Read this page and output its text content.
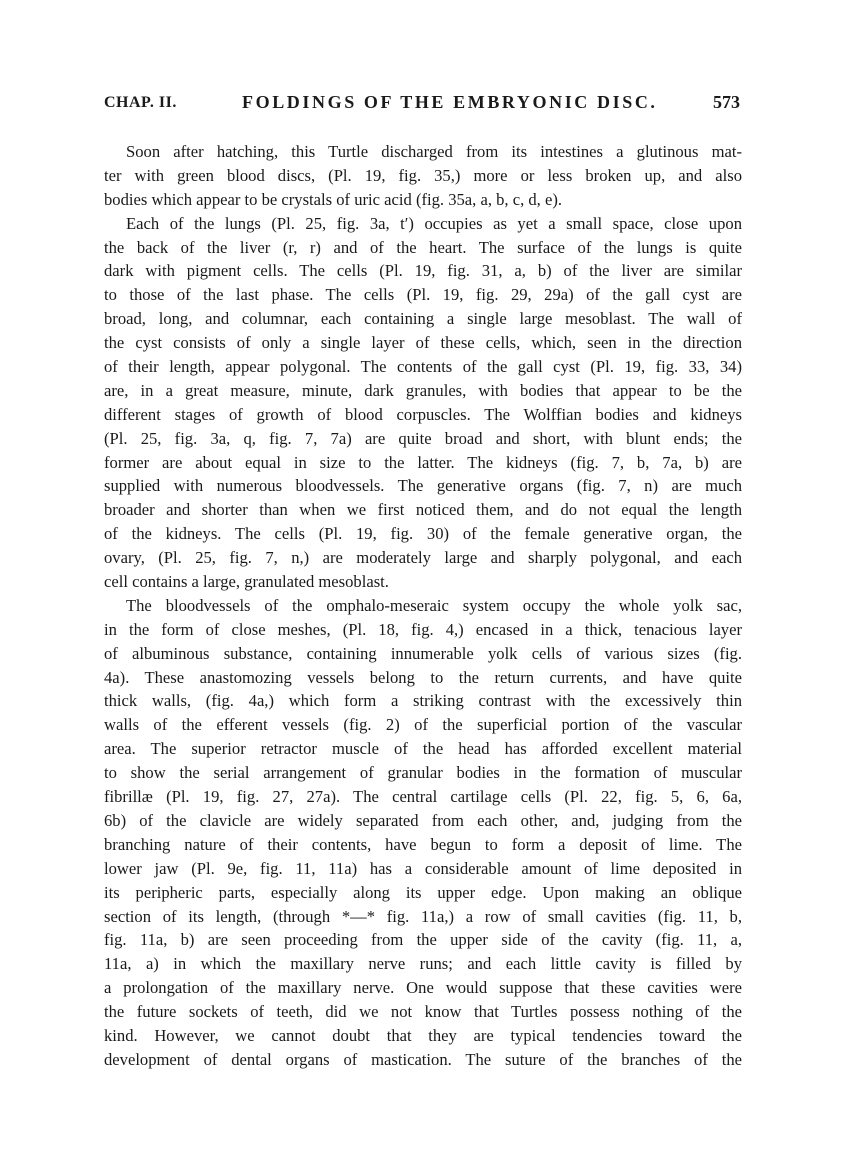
CHAP. II.	FOLDINGS OF THE EMBRYONIC DISC.	573
Soon after hatching, this Turtle discharged from its intestines a glutinous mat-
ter with green blood discs, (Pl. 19, fig. 35,) more or less broken up, and also
bodies which appear to be crystals of uric acid (fig. 35a, a, b, c, d, e).
Each of the lungs (Pl. 25, fig. 3a, t′) occupies as yet a small space, close upon
the back of the liver (r, r) and of the heart. The surface of the lungs is quite
dark with pigment cells. The cells (Pl. 19, fig. 31, a, b) of the liver are similar
to those of the last phase. The cells (Pl. 19, fig. 29, 29a) of the gall cyst are
broad, long, and columnar, each containing a single large mesoblast. The wall of
the cyst consists of only a single layer of these cells, which, seen in the direction
of their length, appear polygonal. The contents of the gall cyst (Pl. 19, fig. 33, 34)
are, in a great measure, minute, dark granules, with bodies that appear to be the
different stages of growth of blood corpuscles. The Wolffian bodies and kidneys
(Pl. 25, fig. 3a, q, fig. 7, 7a) are quite broad and short, with blunt ends; the
former are about equal in size to the latter. The kidneys (fig. 7, b, 7a, b) are
supplied with numerous bloodvessels. The generative organs (fig. 7, n) are much
broader and shorter than when we first noticed them, and do not equal the length
of the kidneys. The cells (Pl. 19, fig. 30) of the female generative organ, the
ovary, (Pl. 25, fig. 7, n,) are moderately large and sharply polygonal, and each
cell contains a large, granulated mesoblast.
The bloodvessels of the omphalo-meseraic system occupy the whole yolk sac,
in the form of close meshes, (Pl. 18, fig. 4,) encased in a thick, tenacious layer
of albuminous substance, containing innumerable yolk cells of various sizes (fig.
4a). These anastomozing vessels belong to the return currents, and have quite
thick walls, (fig. 4a,) which form a striking contrast with the excessively thin
walls of the efferent vessels (fig. 2) of the superficial portion of the vascular
area. The superior retractor muscle of the head has afforded excellent material
to show the serial arrangement of granular bodies in the formation of muscular
fibrillæ (Pl. 19, fig. 27, 27a). The central cartilage cells (Pl. 22, fig. 5, 6, 6a,
6b) of the clavicle are widely separated from each other, and, judging from the
branching nature of their contents, have begun to form a deposit of lime. The
lower jaw (Pl. 9e, fig. 11, 11a) has a considerable amount of lime deposited in
its peripheric parts, especially along its upper edge. Upon making an oblique
section of its length, (through *—* fig. 11a,) a row of small cavities (fig. 11, b,
fig. 11a, b) are seen proceeding from the upper side of the cavity (fig. 11, a,
11a, a) in which the maxillary nerve runs; and each little cavity is filled by
a prolongation of the maxillary nerve. One would suppose that these cavities were
the future sockets of teeth, did we not know that Turtles possess nothing of the
kind. However, we cannot doubt that they are typical tendencies toward the
development of dental organs of mastication. The suture of the branches of the
